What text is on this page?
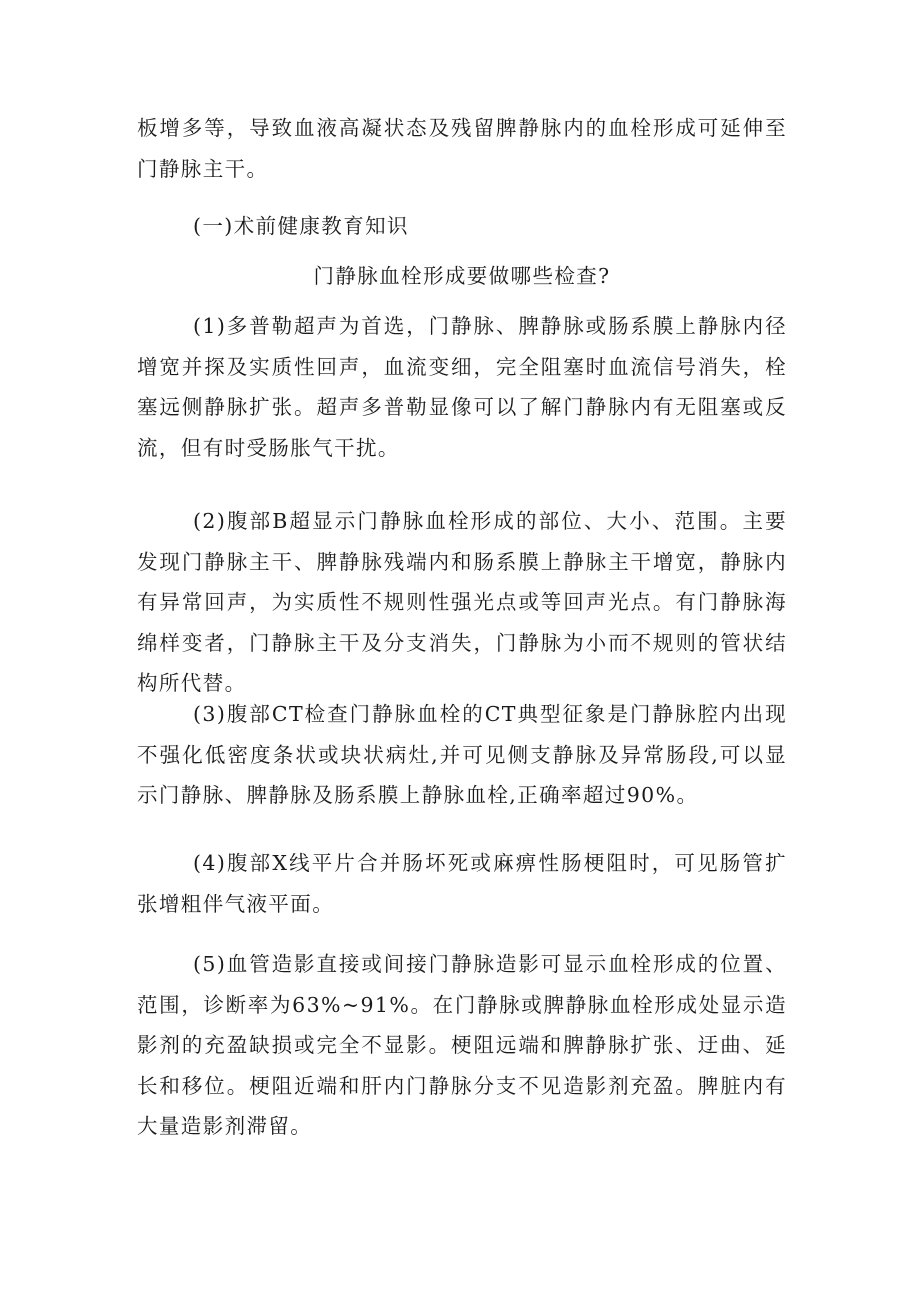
板增多等，导致血液高凝状态及残留脾静脉内的血栓形成可延伸至门静脉主干。

(一)术前健康教育知识

门静脉血栓形成要做哪些检查?

(1)多普勒超声为首选，门静脉、脾静脉或肠系膜上静脉内径增宽并探及实质性回声，血流变细，完全阻塞时血流信号消失，栓塞远侧静脉扩张。超声多普勒显像可以了解门静脉内有无阻塞或反流，但有时受肠胀气干扰。

(2)腹部B超显示门静脉血栓形成的部位、大小、范围。主要发现门静脉主干、脾静脉残端内和肠系膜上静脉主干增宽，静脉内有异常回声，为实质性不规则性强光点或等回声光点。有门静脉海绵样变者，门静脉主干及分支消失，门静脉为小而不规则的管状结构所代替。

(3)腹部CT检查门静脉血栓的CT典型征象是门静脉腔内出现不强化低密度条状或块状病灶,并可见侧支静脉及异常肠段,可以显示门静脉、脾静脉及肠系膜上静脉血栓,正确率超过90%。

(4)腹部X线平片合并肠坏死或麻痹性肠梗阻时，可见肠管扩张增粗伴气液平面。

(5)血管造影直接或间接门静脉造影可显示血栓形成的位置、范围，诊断率为63%~91%。在门静脉或脾静脉血栓形成处显示造影剂的充盈缺损或完全不显影。梗阻远端和脾静脉扩张、迂曲、延长和移位。梗阻近端和肝内门静脉分支不见造影剂充盈。脾脏内有大量造影剂滞留。
